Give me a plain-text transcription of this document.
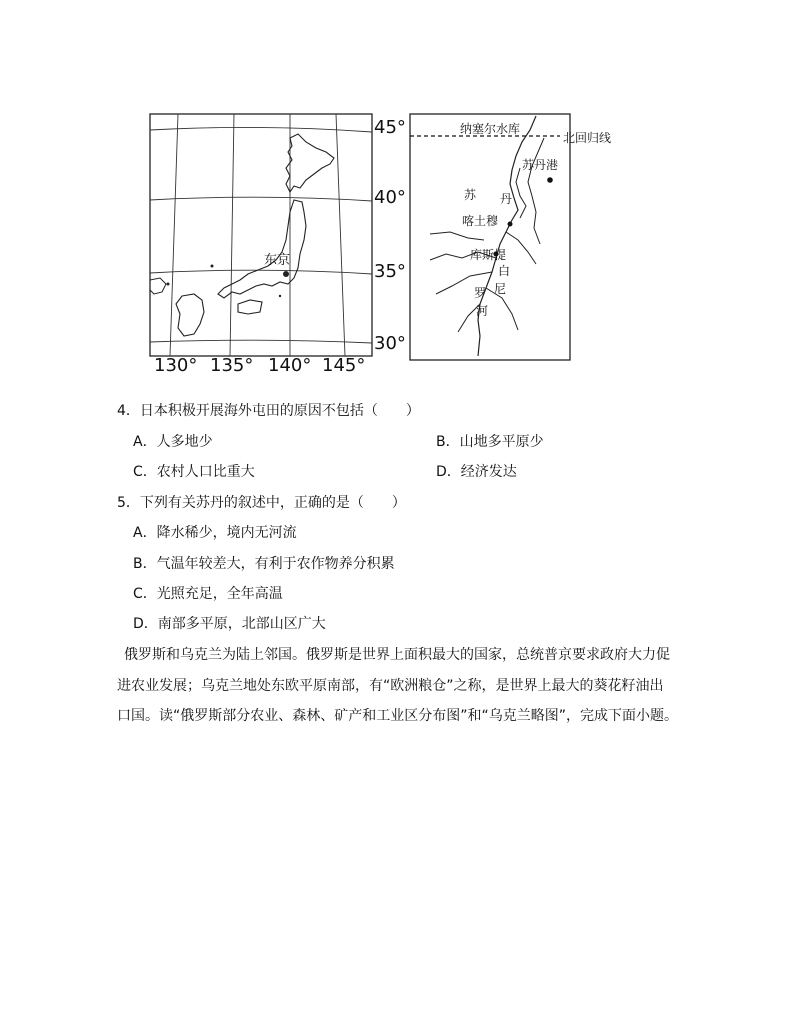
45°
40°
35°
30°
130° 135° 140° 145°
东京
纳塞尔水库
北回归线
苏丹港
苏 丹
喀土穆
库斯提
白
尼
罗
河
4．日本积极开展海外屯田的原因不包括（　　）
A．人多地少	B．山地多平原少
C．农村人口比重大	D．经济发达
5．下列有关苏丹的叙述中，正确的是（　　）
A．降水稀少，境内无河流
B．气温年较差大，有利于农作物养分积累
C．光照充足，全年高温
D．南部多平原，北部山区广大
俄罗斯和乌克兰为陆上邻国。俄罗斯是世界上面积最大的国家，总统普京要求政府大力促
进农业发展；乌克兰地处东欧平原南部，有“欧洲粮仓”之称，是世界上最大的葵花籽油出
口国。读“俄罗斯部分农业、森林、矿产和工业区分布图”和“乌克兰略图”，完成下面小题。
